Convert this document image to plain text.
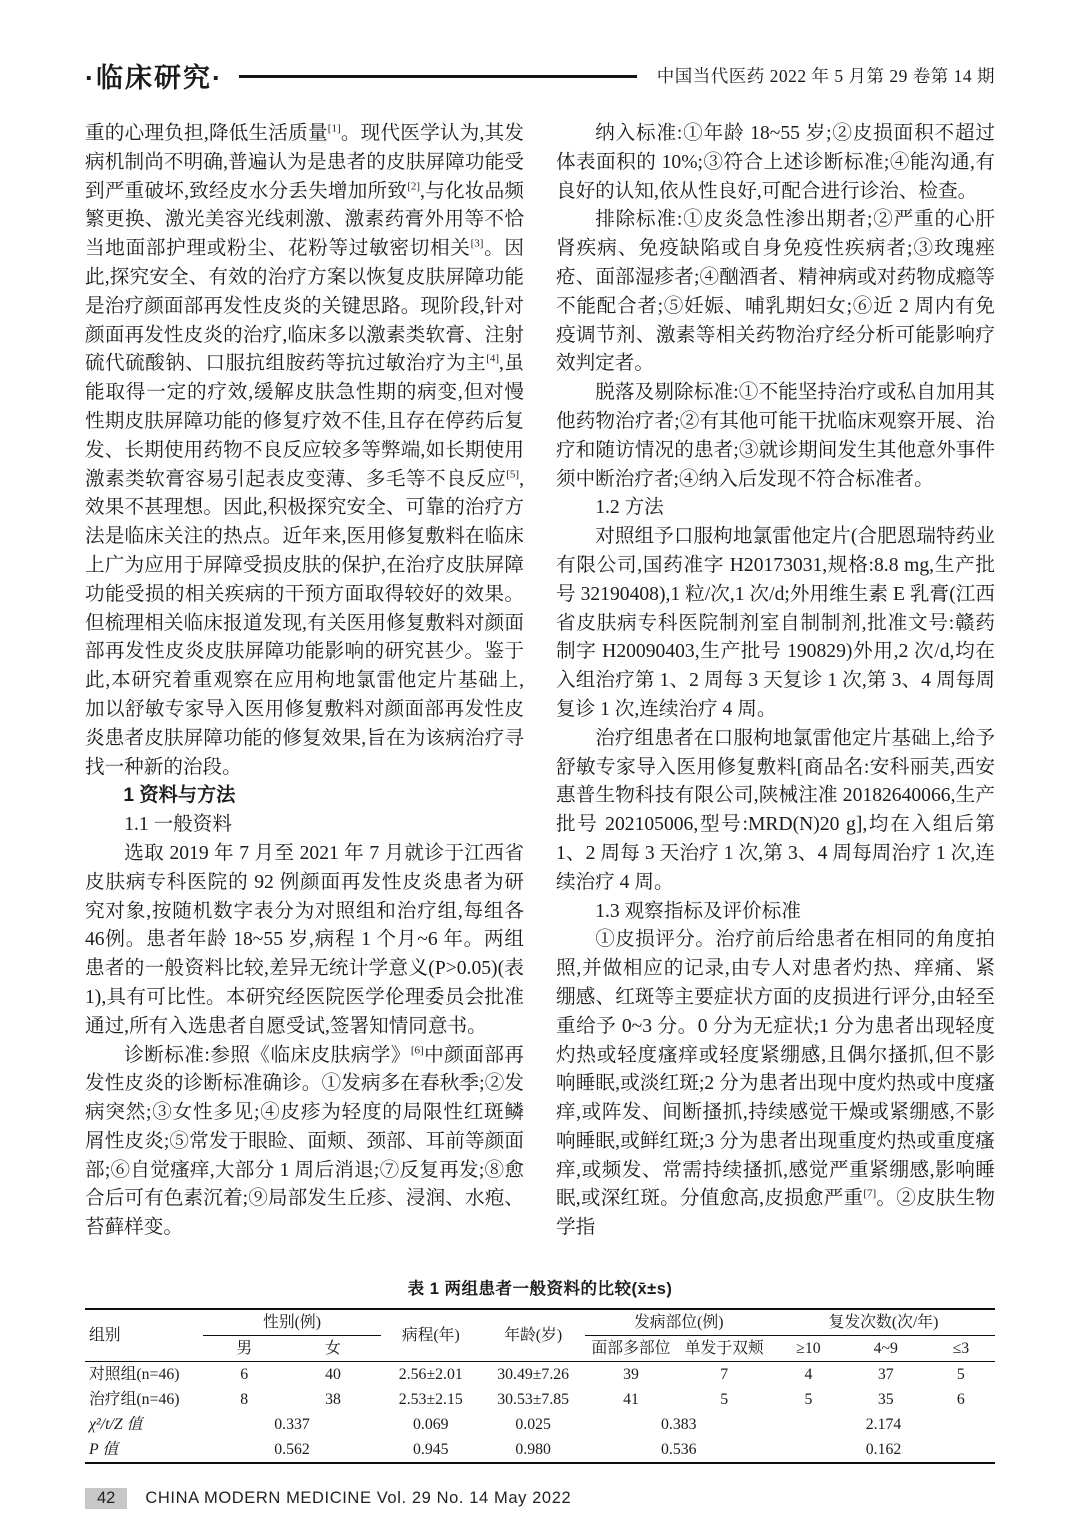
·临床研究·	中国当代医药 2022 年 5 月第 29 卷第 14 期

重的心理负担,降低生活质量[1]。现代医学认为,其发病机制尚不明确,普遍认为是患者的皮肤屏障功能受到严重破坏,致经皮水分丢失增加所致[2],与化妆品频繁更换、激光美容光线刺激、激素药膏外用等不恰当地面部护理或粉尘、花粉等过敏密切相关[3]。因此,探究安全、有效的治疗方案以恢复皮肤屏障功能是治疗颜面部再发性皮炎的关键思路。现阶段,针对颜面再发性皮炎的治疗,临床多以激素类软膏、注射硫代硫酸钠、口服抗组胺药等抗过敏治疗为主[4],虽能取得一定的疗效,缓解皮肤急性期的病变,但对慢性期皮肤屏障功能的修复疗效不佳,且存在停药后复发、长期使用药物不良反应较多等弊端,如长期使用激素类软膏容易引起表皮变薄、多毛等不良反应[5],效果不甚理想。因此,积极探究安全、可靠的治疗方法是临床关注的热点。近年来,医用修复敷料在临床上广为应用于屏障受损皮肤的保护,在治疗皮肤屏障功能受损的相关疾病的干预方面取得较好的效果。但梳理相关临床报道发现,有关医用修复敷料对颜面部再发性皮炎皮肤屏障功能影响的研究甚少。鉴于此,本研究着重观察在应用枸地氯雷他定片基础上,加以舒敏专家导入医用修复敷料对颜面部再发性皮炎患者皮肤屏障功能的修复效果,旨在为该病治疗寻找一种新的治段。

1 资料与方法

1.1 一般资料

选取 2019 年 7 月至 2021 年 7 月就诊于江西省皮肤病专科医院的 92 例颜面再发性皮炎患者为研究对象,按随机数字表分为对照组和治疗组,每组各46例。患者年龄 18~55 岁,病程 1 个月~6 年。两组患者的一般资料比较,差异无统计学意义(P>0.05)(表 1),具有可比性。本研究经医院医学伦理委员会批准通过,所有入选患者自愿受试,签署知情同意书。

诊断标准:参照《临床皮肤病学》[6]中颜面部再发性皮炎的诊断标准确诊。①发病多在春秋季;②发病突然;③女性多见;④皮疹为轻度的局限性红斑鳞屑性皮炎;⑤常发于眼睑、面颊、颈部、耳前等颜面部;⑥自觉瘙痒,大部分 1 周后消退;⑦反复再发;⑧愈合后可有色素沉着;⑨局部发生丘疹、浸润、水疱、苔藓样变。

纳入标准:①年龄 18~55 岁;②皮损面积不超过体表面积的 10%;③符合上述诊断标准;④能沟通,有良好的认知,依从性良好,可配合进行诊治、检查。

排除标准:①皮炎急性渗出期者;②严重的心肝肾疾病、免疫缺陷或自身免疫性疾病者;③玫瑰痤疮、面部湿疹者;④酗酒者、精神病或对药物成瘾等不能配合者;⑤妊娠、哺乳期妇女;⑥近 2 周内有免疫调节剂、激素等相关药物治疗经分析可能影响疗效判定者。

脱落及剔除标准:①不能坚持治疗或私自加用其他药物治疗者;②有其他可能干扰临床观察开展、治疗和随访情况的患者;③就诊期间发生其他意外事件须中断治疗者;④纳入后发现不符合标准者。

1.2 方法

对照组予口服枸地氯雷他定片(合肥恩瑞特药业有限公司,国药准字 H20173031,规格:8.8 mg,生产批号 32190408),1 粒/次,1 次/d;外用维生素 E 乳膏(江西省皮肤病专科医院制剂室自制制剂,批准文号:赣药制字 H20090403,生产批号 190829)外用,2 次/d,均在入组治疗第 1、2 周每 3 天复诊 1 次,第 3、4 周每周复诊 1 次,连续治疗 4 周。

治疗组患者在口服枸地氯雷他定片基础上,给予舒敏专家导入医用修复敷料[商品名:安科丽芙,西安惠普生物科技有限公司,陕械注准 20182640066,生产批号 202105006,型号:MRD(N)20 g],均在入组后第 1、2 周每 3 天治疗 1 次,第 3、4 周每周治疗 1 次,连续治疗 4 周。

1.3 观察指标及评价标准

①皮损评分。治疗前后给患者在相同的角度拍照,并做相应的记录,由专人对患者灼热、痒痛、紧绷感、红斑等主要症状方面的皮损进行评分,由轻至重给予 0~3 分。0 分为无症状;1 分为患者出现轻度灼热或轻度瘙痒或轻度紧绷感,且偶尔搔抓,但不影响睡眠,或淡红斑;2 分为患者出现中度灼热或中度瘙痒,或阵发、间断搔抓,持续感觉干燥或紧绷感,不影响睡眠,或鲜红斑;3 分为患者出现重度灼热或重度瘙痒,或频发、常需持续搔抓,感觉严重紧绷感,影响睡眠,或深红斑。分值愈高,皮损愈严重[7]。②皮肤生物学指

表 1 两组患者一般资料的比较(x̄±s)
组别	性别(例)		病程(年)	年龄(岁)	发病部位(例)		复发次数(次/年)		
	男	女			面部多部位	单发于双颊	≥10	4~9	≤3
对照组(n=46)	6	40	2.56±2.01	30.49±7.26	39	7	4	37	5
治疗组(n=46)	8	38	2.53±2.15	30.53±7.85	41	5	5	35	6
χ²/t/Z 值	0.337		0.069	0.025	0.383		2.174		
P 值	0.562		0.945	0.980	0.536		0.162		
42	CHINA MODERN MEDICINE Vol. 29 No. 14 May 2022
